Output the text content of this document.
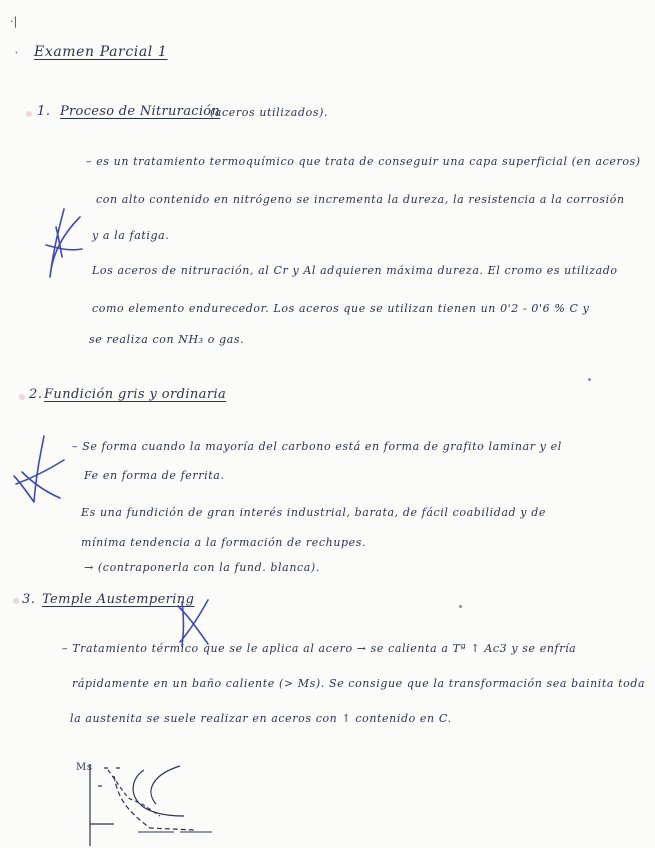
·|
ㆍ Examen Parcial 1
1. Proceso de Nitruración
(aceros utilizados).
– es un tratamiento termoquímico que trata de conseguir una capa superficial (en aceros)
con alto contenido en nitrógeno se incrementa la dureza, la resistencia a la corrosión
y a la fatiga.
Los aceros de nitruración, al Cr y Al adquieren máxima dureza. El cromo es utilizado
como elemento endurecedor. Los aceros que se utilizan tienen un 0'2 - 0'6 % C y
se realiza con NH₃ o gas.
2. Fundición gris y ordinaria
– Se forma cuando la mayoría del carbono está en forma de grafito laminar y el
Fe en forma de ferrita.
Es una fundición de gran interés industrial, barata, de fácil coabilidad y de
mínima tendencia a la formación de rechupes.
→ (contraponerla con la fund. blanca).
3. Temple Austempering
– Tratamiento térmico que se le aplica al acero → se calienta a Tª ↑ Ac3 y se enfría
rápidamente en un baño caliente (> Ms). Se consigue que la transformación sea bainita toda
la austenita se suele realizar en aceros con ↑ contenido en C.
Ms
